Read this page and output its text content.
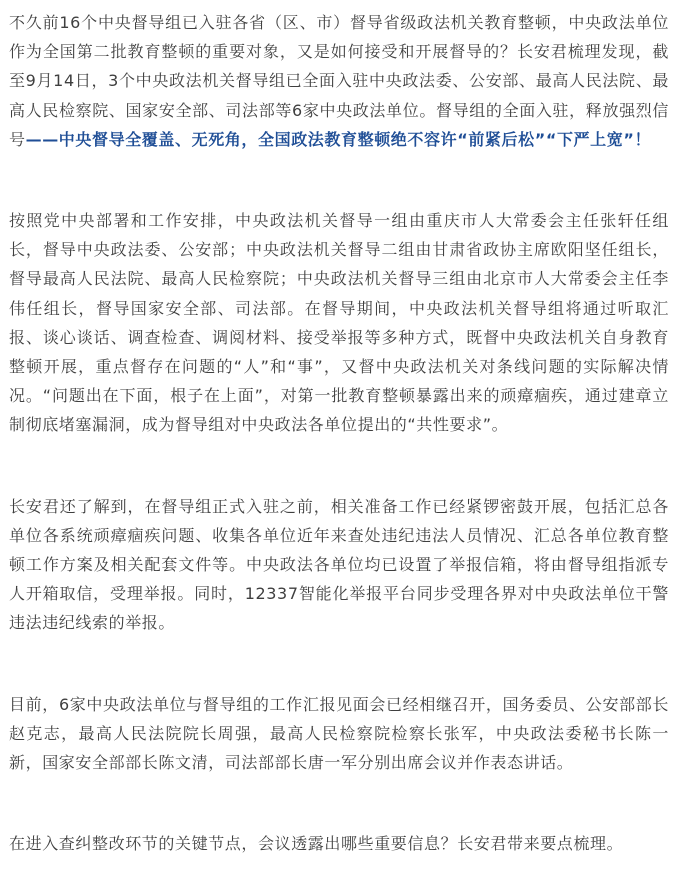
不久前16个中央督导组已入驻各省（区、市）督导省级政法机关教育整顿，中央政法单位作为全国第二批教育整顿的重要对象，又是如何接受和开展督导的？长安君梳理发现，截至9月14日，3个中央政法机关督导组已全面入驻中央政法委、公安部、最高人民法院、最高人民检察院、国家安全部、司法部等6家中央政法单位。督导组的全面入驻，释放强烈信号——中央督导全覆盖、无死角，全国政法教育整顿绝不容许“前紧后松”“下严上宽”！

按照党中央部署和工作安排，中央政法机关督导一组由重庆市人大常委会主任张轩任组长，督导中央政法委、公安部；中央政法机关督导二组由甘肃省政协主席欧阳坚任组长，督导最高人民法院、最高人民检察院；中央政法机关督导三组由北京市人大常委会主任李伟任组长，督导国家安全部、司法部。在督导期间，中央政法机关督导组将通过听取汇报、谈心谈话、调查检查、调阅材料、接受举报等多种方式，既督中央政法机关自身教育整顿开展，重点督存在问题的“人”和“事”，又督中央政法机关对条线问题的实际解决情况。“问题出在下面，根子在上面”，对第一批教育整顿暴露出来的顽瘴痼疾，通过建章立制彻底堵塞漏洞，成为督导组对中央政法各单位提出的“共性要求”。

长安君还了解到，在督导组正式入驻之前，相关准备工作已经紧锣密鼓开展，包括汇总各单位各系统顽瘴痼疾问题、收集各单位近年来查处违纪违法人员情况、汇总各单位教育整顿工作方案及相关配套文件等。中央政法各单位均已设置了举报信箱，将由督导组指派专人开箱取信，受理举报。同时，12337智能化举报平台同步受理各界对中央政法单位干警违法违纪线索的举报。

目前，6家中央政法单位与督导组的工作汇报见面会已经相继召开，国务委员、公安部部长赵克志，最高人民法院院长周强，最高人民检察院检察长张军，中央政法委秘书长陈一新，国家安全部部长陈文清，司法部部长唐一军分别出席会议并作表态讲话。

在进入查纠整改环节的关键节点，会议透露出哪些重要信息？长安君带来要点梳理。
